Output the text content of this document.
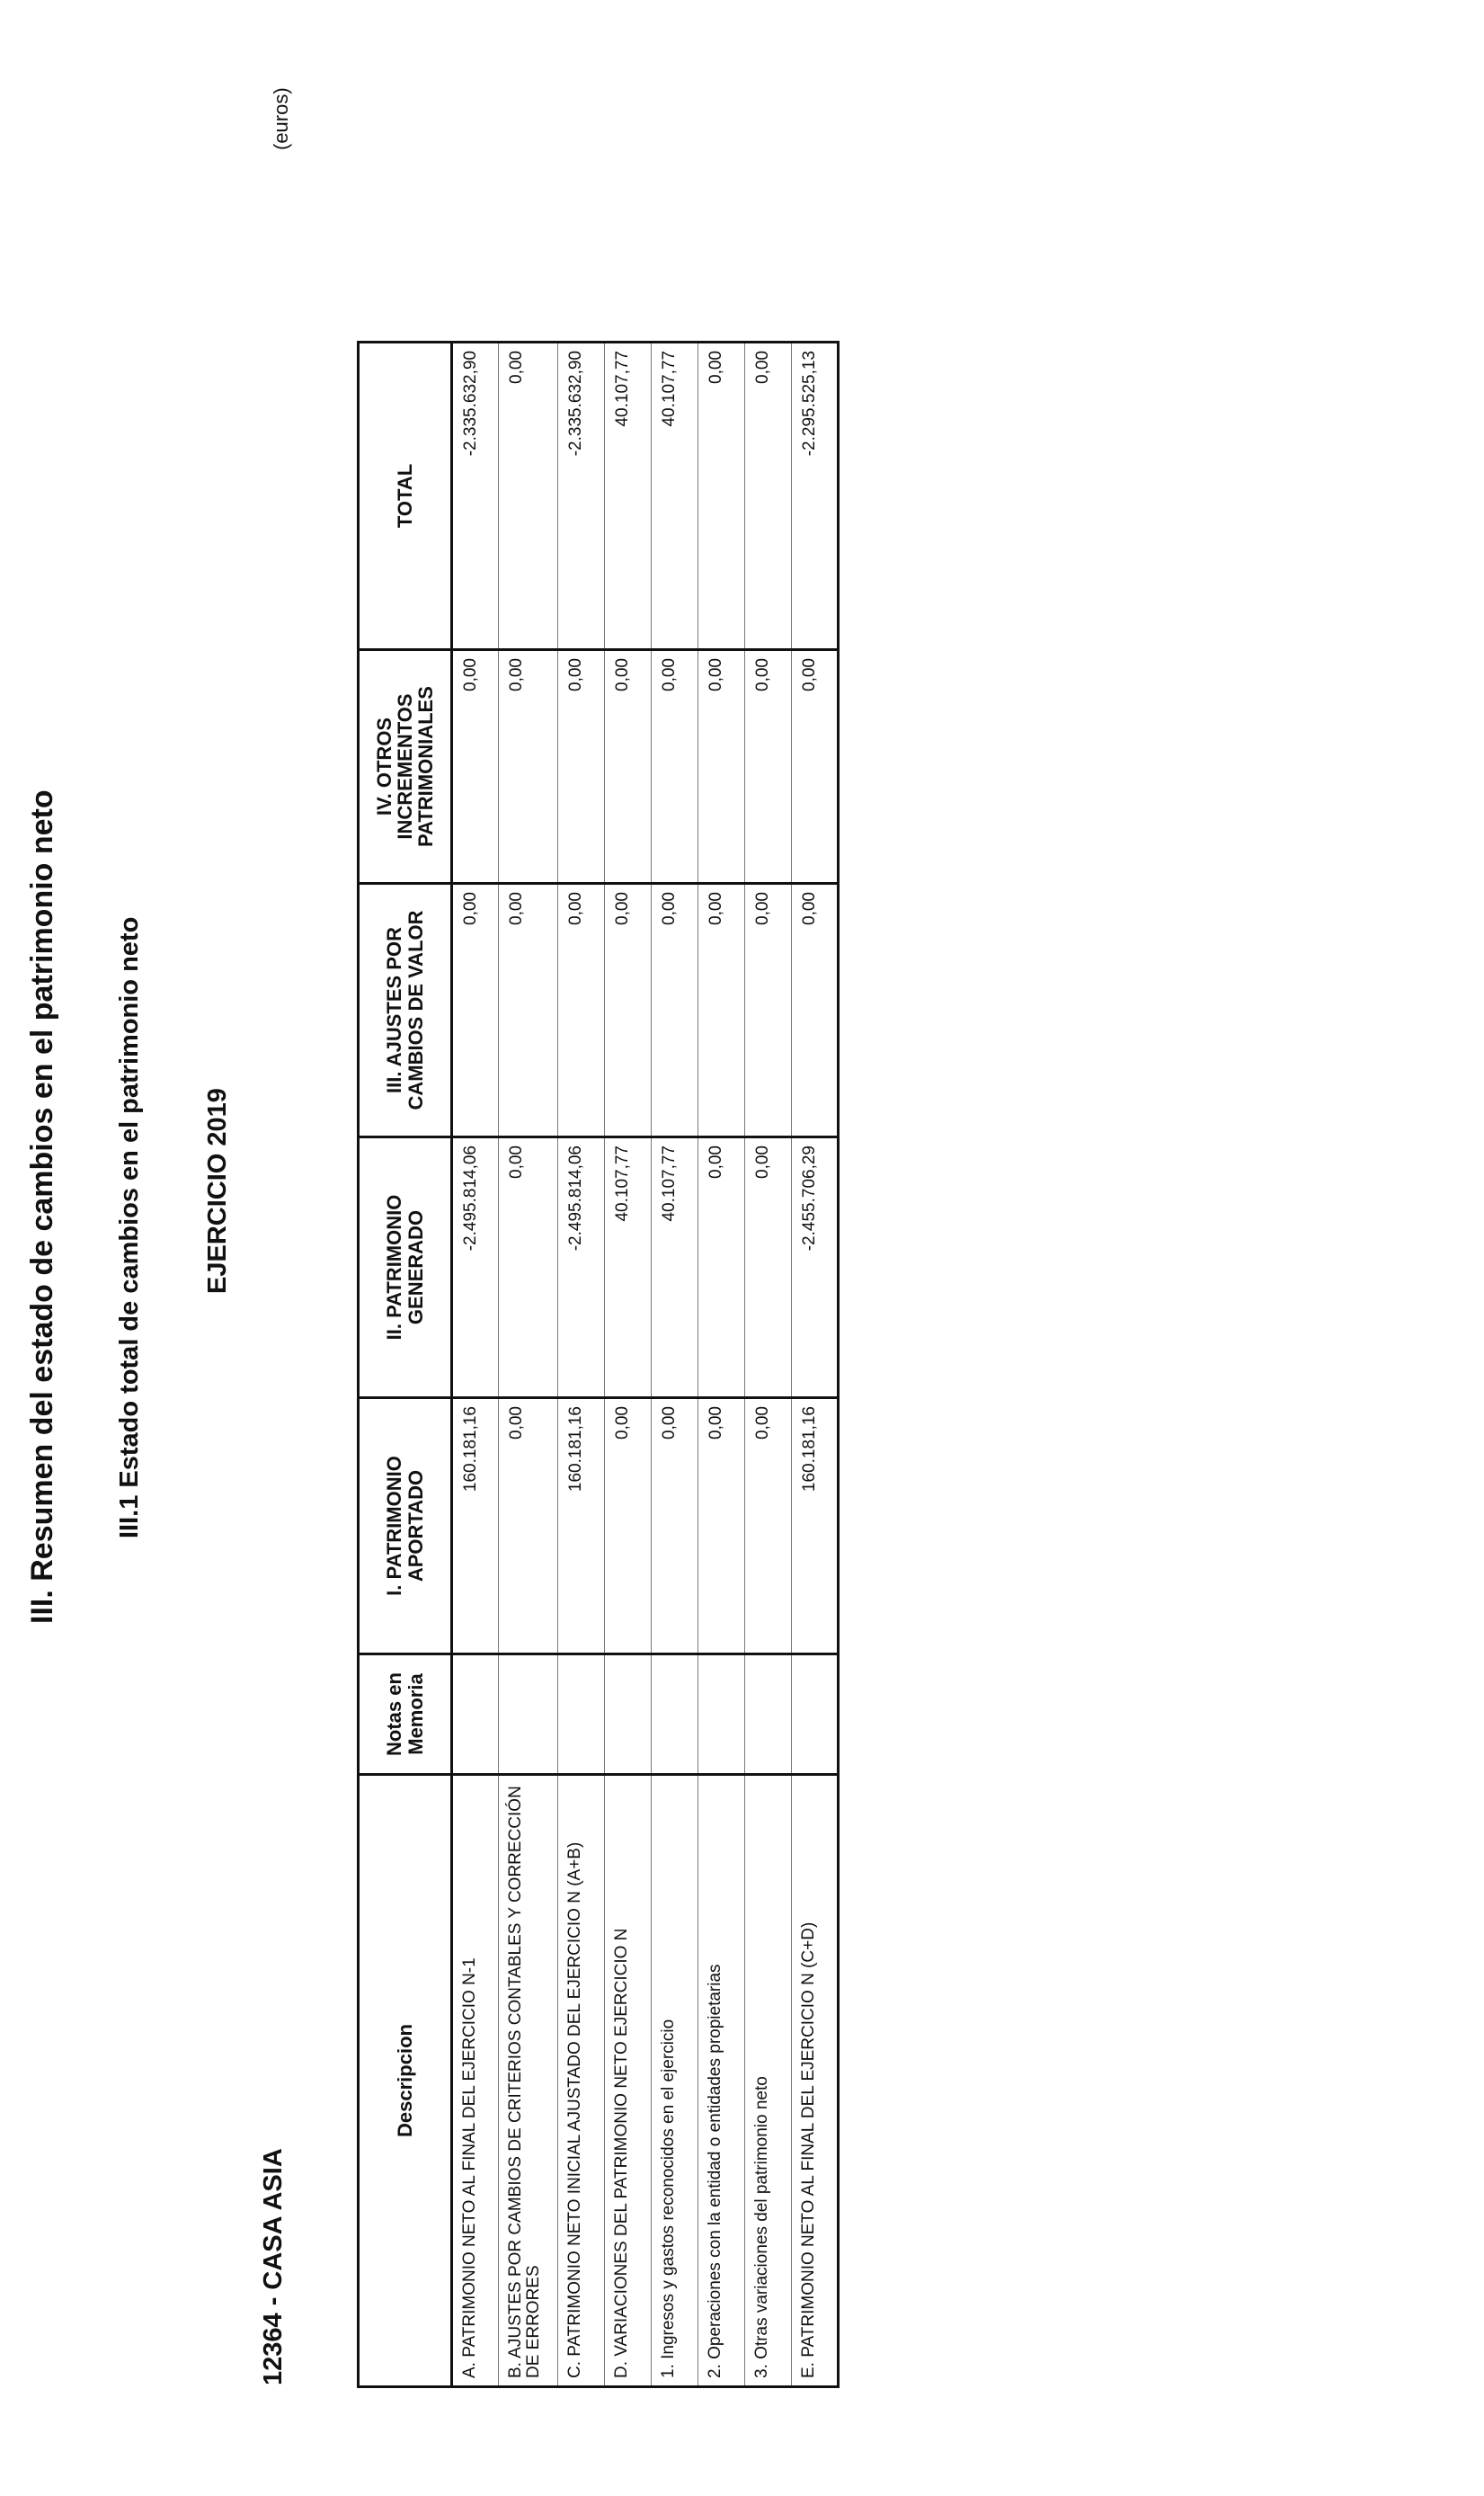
III. Resumen del estado de cambios en el patrimonio neto III.1 Estado total de cambios en el patrimonio neto EJERCICIO 2019
12364 - CASA ASIA
(euros)
Descripcion	Notas en Memoria	I. PATRIMONIO APORTADO	II. PATRIMONIO GENERADO	III. AJUSTES POR CAMBIOS DE VALOR	IV. OTROS INCREMENTOS PATRIMONIALES	TOTAL
A. PATRIMONIO NETO AL FINAL DEL EJERCICIO N-1		160.181,16	-2.495.814,06	0,00	0,00	-2.335.632,90
B. AJUSTES POR CAMBIOS DE CRITERIOS CONTABLES Y CORRECCIÓN DE ERRORES		0,00	0,00	0,00	0,00	0,00
C. PATRIMONIO NETO INICIAL AJUSTADO DEL EJERCICIO N (A+B)		160.181,16	-2.495.814,06	0,00	0,00	-2.335.632,90
D. VARIACIONES DEL PATRIMONIO NETO EJERCICIO N		0,00	40.107,77	0,00	0,00	40.107,77
1. Ingresos y gastos reconocidos en el ejercicio		0,00	40.107,77	0,00	0,00	40.107,77
2. Operaciones con la entidad o entidades propietarias		0,00	0,00	0,00	0,00	0,00
3. Otras variaciones del patrimonio neto		0,00	0,00	0,00	0,00	0,00
E. PATRIMONIO NETO AL FINAL DEL EJERCICIO N (C+D)		160.181,16	-2.455.706,29	0,00	0,00	-2.295.525,13
